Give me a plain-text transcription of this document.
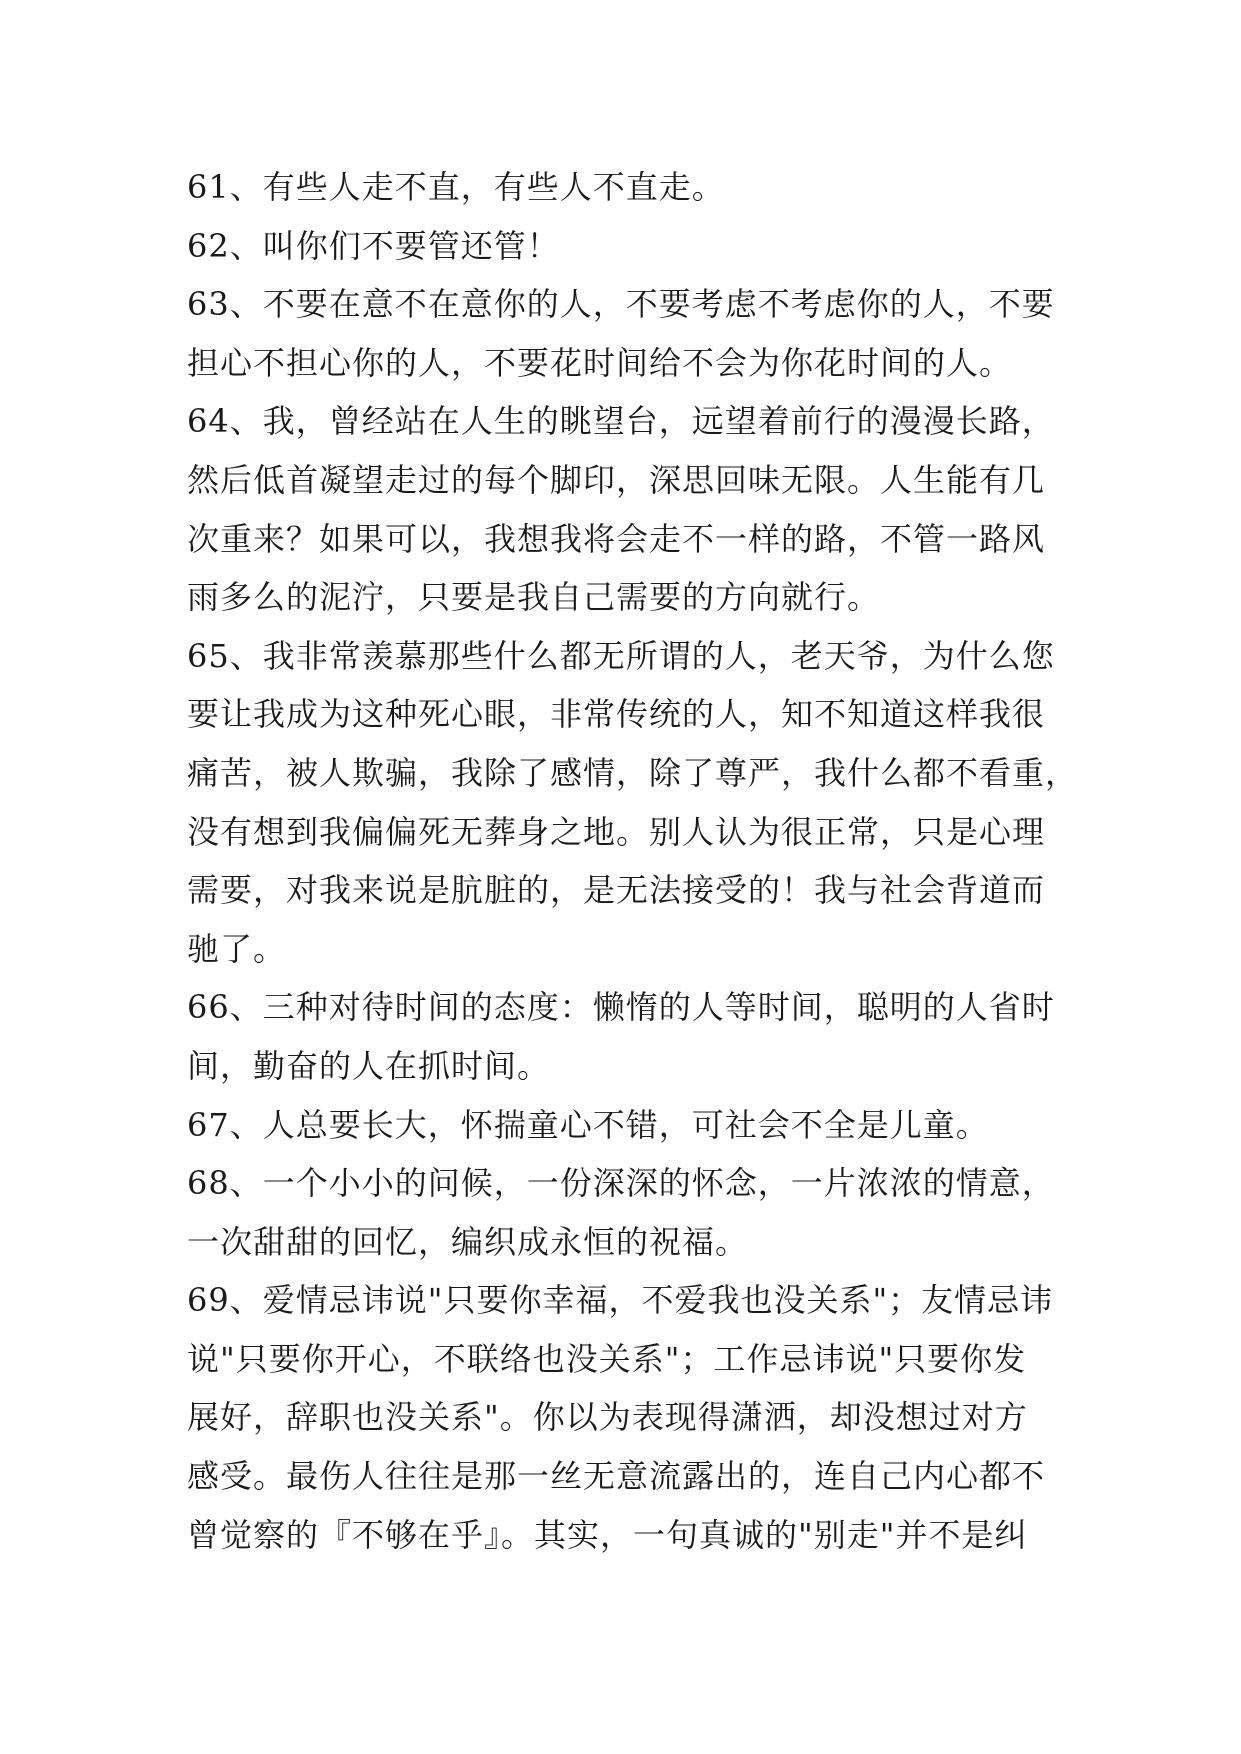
61、有些人走不直，有些人不直走。
62、叫你们不要管还管！
63、不要在意不在意你的人，不要考虑不考虑你的人，不要
担心不担心你的人，不要花时间给不会为你花时间的人。
64、我，曾经站在人生的眺望台，远望着前行的漫漫长路，
然后低首凝望走过的每个脚印，深思回味无限。人生能有几
次重来？如果可以，我想我将会走不一样的路，不管一路风
雨多么的泥泞，只要是我自己需要的方向就行。
65、我非常羡慕那些什么都无所谓的人，老天爷，为什么您
要让我成为这种死心眼，非常传统的人，知不知道这样我很
痛苦，被人欺骗，我除了感情，除了尊严，我什么都不看重，
没有想到我偏偏死无葬身之地。别人认为很正常，只是心理
需要，对我来说是肮脏的，是无法接受的！我与社会背道而
驰了。
66、三种对待时间的态度：懒惰的人等时间，聪明的人省时
间，勤奋的人在抓时间。
67、人总要长大，怀揣童心不错，可社会不全是儿童。
68、一个小小的问候，一份深深的怀念，一片浓浓的情意，
一次甜甜的回忆，编织成永恒的祝福。
69、爱情忌讳说"只要你幸福，不爱我也没关系"；友情忌讳
说"只要你开心，不联络也没关系"；工作忌讳说"只要你发
展好，辞职也没关系"。你以为表现得潇洒，却没想过对方
感受。最伤人往往是那一丝无意流露出的，连自己内心都不
曾觉察的『不够在乎』。其实，一句真诚的"别走"并不是纠
